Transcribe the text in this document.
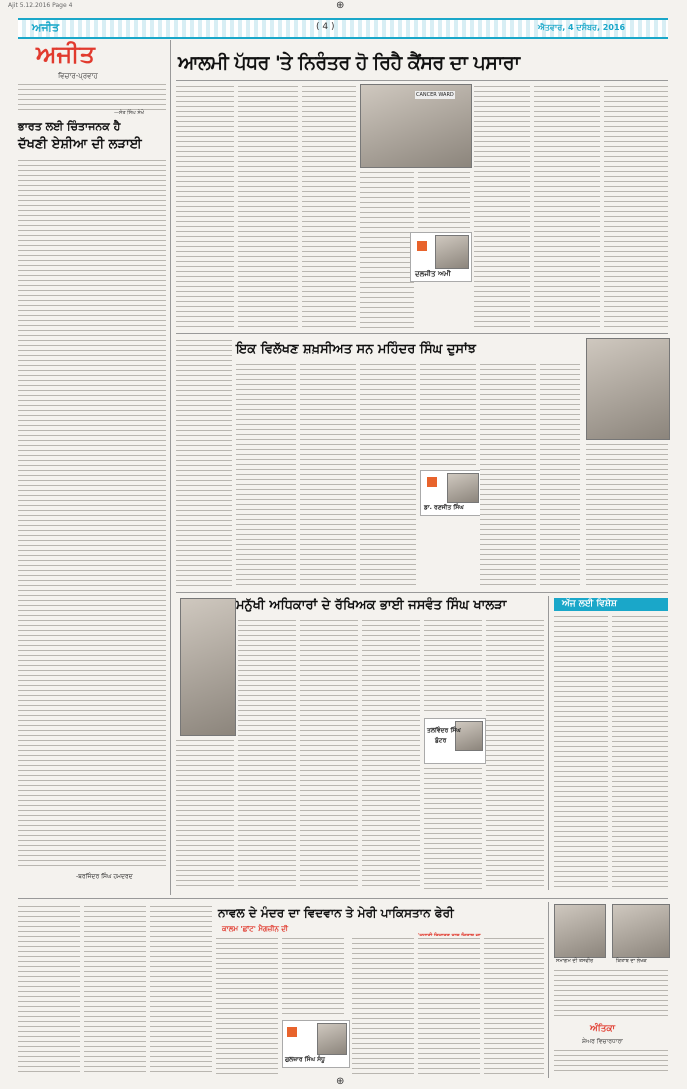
Ajit 5.12.2016 Page 4	⊕
ਅਜੀਤ	( 4 )	ਐਤਵਾਰ, 4 ਦਸੰਬਰ, 2016
ਅਜੀਤ
ਵਿਚਾਰ-ਪ੍ਰਵਾਹ
—ਸੰਤ ਸਿੰਘ ਸੇਖੋਂ
ਭਾਰਤ ਲਈ ਚਿੰਤਾਜਨਕ ਹੈ
ਦੱਖਣੀ ਏਸ਼ੀਆ ਦੀ ਲੜਾਈ
-ਬਰਜਿੰਦਰ ਸਿੰਘ ਹਮਦਰਦ
ਆਲਮੀ ਪੱਧਰ 'ਤੇ ਨਿਰੰਤਰ ਹੋ ਰਿਹੈ ਕੈਂਸਰ ਦਾ ਪਸਾਰਾ
CANCER WARD
ਦਲਜੀਤ ਅਮੀ
ਇਕ ਵਿਲੱਖਣ ਸ਼ਖ਼ਸੀਅਤ ਸਨ ਮਹਿੰਦਰ ਸਿੰਘ ਦੁਸਾਂਝ
ਡਾ. ਰਣਜੀਤ ਸਿੰਘ
ਮਨੁੱਖੀ ਅਧਿਕਾਰਾਂ ਦੇ ਰੱਖਿਅਕ ਭਾਈ ਜਸਵੰਤ ਸਿੰਘ ਖਾਲੜਾ
ਤਲਵਿੰਦਰ ਸਿੰਘ
ਬੁੱਟਰ
ਅੱਜ ਲਈ ਵਿਸ਼ੇਸ਼
ਨਾਵਲ ਦੇ ਮੰਦਰ ਦਾ ਵਿਦਵਾਨ ਤੇ ਮੇਰੀ ਪਾਕਿਸਤਾਨ ਫੇਰੀ
ਕਾਲਮ 'ਛਾਂਟ' ਮੈਗਜ਼ੀਨ ਦੀ
ਗੁਲਜ਼ਾਰ ਸਿੰਘ ਸੰਧੂ
ਸਮਾਗਮ ਦੀ ਤਸਵੀਰ	ਕਿਤਾਬ ਦਾ ਲੇਖਕ
ਅੰਤਿਕਾ
ਸ਼ੇਅਰ ਵਿਚਾਰਧਾਰਾ
⊕
